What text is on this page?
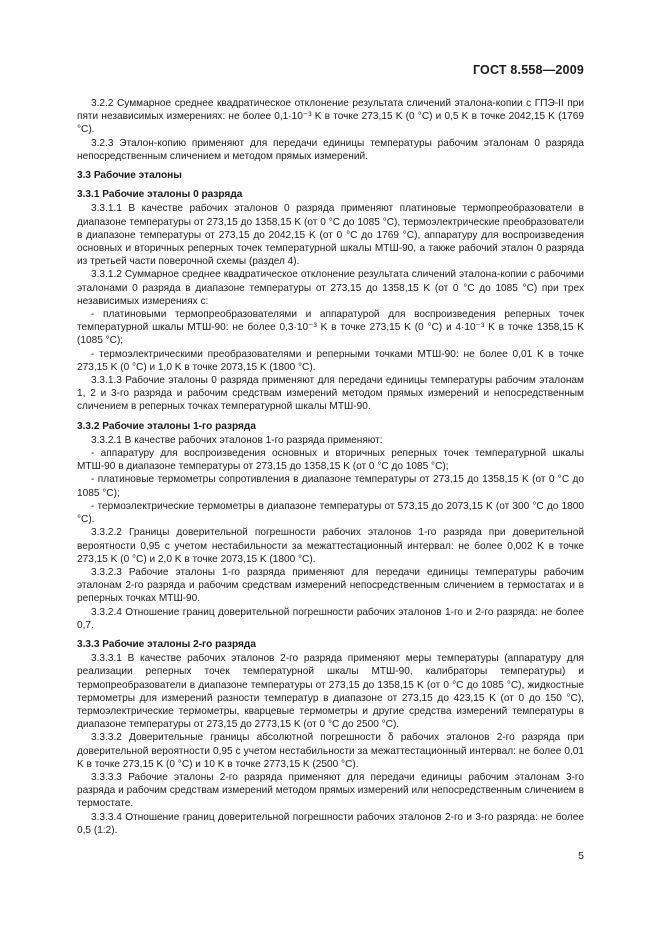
ГОСТ 8.558—2009

3.2.2 Суммарное среднее квадратическое отклонение результата сличений эталона-копии с ГПЭ-II при пяти независимых измерениях: не более 0,1·10⁻³ K в точке 273,15 K (0 °C) и 0,5 K в точке 2042,15 K (1769 °C).

3.2.3 Эталон-копию применяют для передачи единицы температуры рабочим эталонам 0 разряда непосредственным сличением и методом прямых измерений.

3.3 Рабочие эталоны

3.3.1 Рабочие эталоны 0 разряда

3.3.1.1 В качестве рабочих эталонов 0 разряда применяют платиновые термопреобразователи в диапазоне температуры от 273,15 до 1358,15 K (от 0 °C до 1085 °C), термоэлектрические преобразователи в диапазоне температуры от 273,15 до 2042,15 K (от 0 °C до 1769 °C), аппаратуру для воспроизведения основных и вторичных реперных точек температурной шкалы МТШ-90, а также рабочий эталон 0 разряда из третьей части поверочной схемы (раздел 4).

3.3.1.2 Суммарное среднее квадратическое отклонение результата сличений эталона-копии с рабочими эталонами 0 разряда в диапазоне температуры от 273,15 до 1358,15 K (от 0 °C до 1085 °C) при трех независимых измерениях с:

- платиновыми термопреобразователями и аппаратурой для воспроизведения реперных точек температурной шкалы МТШ-90: не более 0,3·10⁻³ K в точке 273,15 K (0 °C) и 4·10⁻³ K в точке 1358,15 K (1085 °C);

- термоэлектрическими преобразователями и реперными точками МТШ-90: не более 0,01 K в точке 273,15 K (0 °C) и 1,0 K в точке 2073,15 K (1800 °C).

3.3.1.3 Рабочие эталоны 0 разряда применяют для передачи единицы температуры рабочим эталонам 1, 2 и 3-го разряда и рабочим средствам измерений методом прямых измерений и непосредственным сличением в реперных точках температурной шкалы МТШ-90.

3.3.2 Рабочие эталоны 1-го разряда

3.3.2.1 В качестве рабочих эталонов 1-го разряда применяют:

- аппаратуру для воспроизведения основных и вторичных реперных точек температурной шкалы МТШ-90 в диапазоне температуры от 273,15 до 1358,15 K (от 0 °C до 1085 °C);

- платиновые термометры сопротивления в диапазоне температуры от 273,15 до 1358,15 K (от 0 °C до 1085 °C);

- термоэлектрические термометры в диапазоне температуры от 573,15 до 2073,15 K (от 300 °C до 1800 °C).

3.3.2.2 Границы доверительной погрешности рабочих эталонов 1-го разряда при доверительной вероятности 0,95 с учетом нестабильности за межаттестационный интервал: не более 0,002 K в точке 273,15 K (0 °C) и 2,0 K в точке 2073,15 K (1800 °C).

3.3.2.3 Рабочие эталоны 1-го разряда применяют для передачи единицы температуры рабочим эталонам 2-го разряда и рабочим средствам измерений непосредственным сличением в термостатах и в реперных точках МТШ-90.

3.3.2.4 Отношение границ доверительной погрешности рабочих эталонов 1-го и 2-го разряда: не более 0,7.

3.3.3 Рабочие эталоны 2-го разряда

3.3.3.1 В качестве рабочих эталонов 2-го разряда применяют меры температуры (аппаратуру для реализации реперных точек температурной шкалы МТШ-90, калибраторы температуры) и термопреобразователи в диапазоне температуры от 273,15 до 1358,15 K (от 0 °C до 1085 °C), жидкостные термометры для измерений разности температур в диапазоне от 273,15 до 423,15 K (от 0 до 150 °C), термоэлектрические термометры, кварцевые термометры и другие средства измерений температуры в диапазоне температуры от 273,15 до 2773,15 K (от 0 °C до 2500 °C).

3.3.3.2 Доверительные границы абсолютной погрешности δ рабочих эталонов 2-го разряда при доверительной вероятности 0,95 с учетом нестабильности за межаттестационный интервал: не более 0,01 K в точке 273,15 K (0 °C) и 10 K в точке 2773,15 K (2500 °C).

3.3.3.3 Рабочие эталоны 2-го разряда применяют для передачи единицы рабочим эталонам 3-го разряда и рабочим средствам измерений методом прямых измерений или непосредственным сличением в термостате.

3.3.3.4 Отношение границ доверительной погрешности рабочих эталонов 2-го и 3-го разряда: не более 0,5 (1:2).

5
